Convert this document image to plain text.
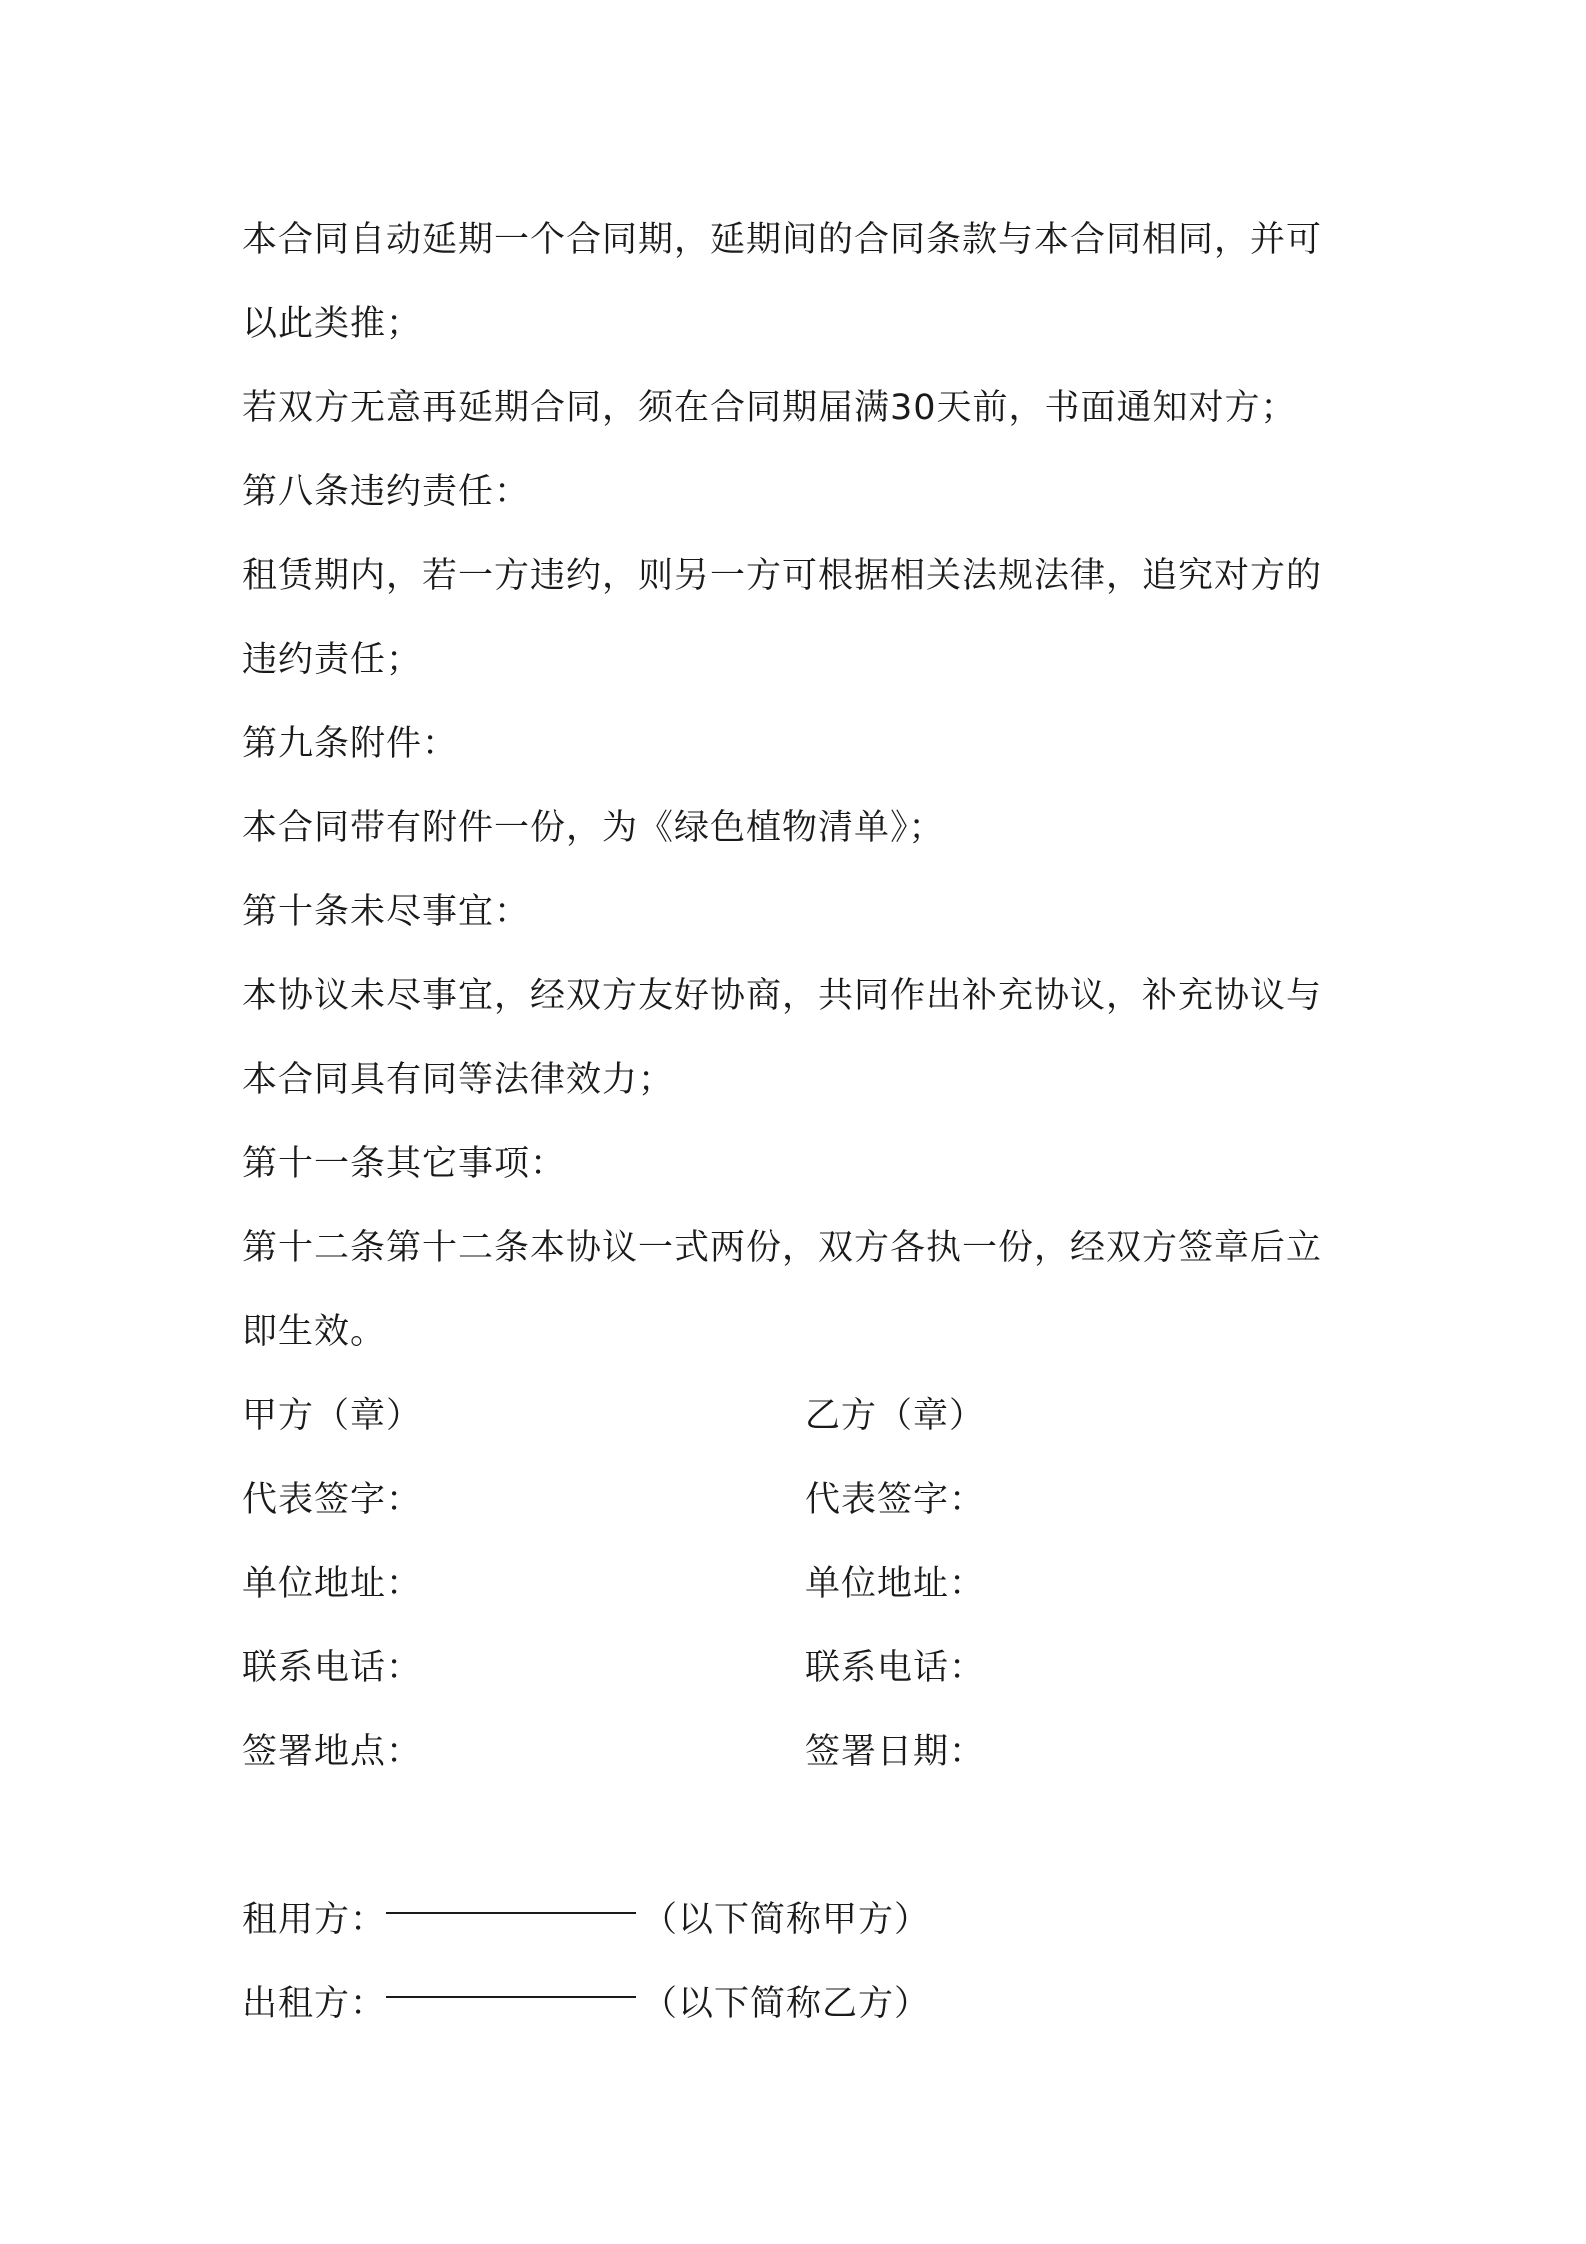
本合同自动延期一个合同期，延期间的合同条款与本合同相同，并可以此类推；

若双方无意再延期合同，须在合同期届满30天前，书面通知对方；

第八条违约责任：

租赁期内，若一方违约，则另一方可根据相关法规法律，追究对方的违约责任；

第九条附件：

本合同带有附件一份，为《绿色植物清单》；

第十条未尽事宜：

本协议未尽事宜，经双方友好协商，共同作出补充协议，补充协议与本合同具有同等法律效力；

第十一条其它事项：

第十二条第十二条本协议一式两份，双方各执一份，经双方签章后立即生效。

甲方（章）	乙方（章）
代表签字：	代表签字：
单位地址：	单位地址：
联系电话：	联系电话：
签署地点：	签署日期：
租用方：	（以下简称甲方）
出租方：	（以下简称乙方）
